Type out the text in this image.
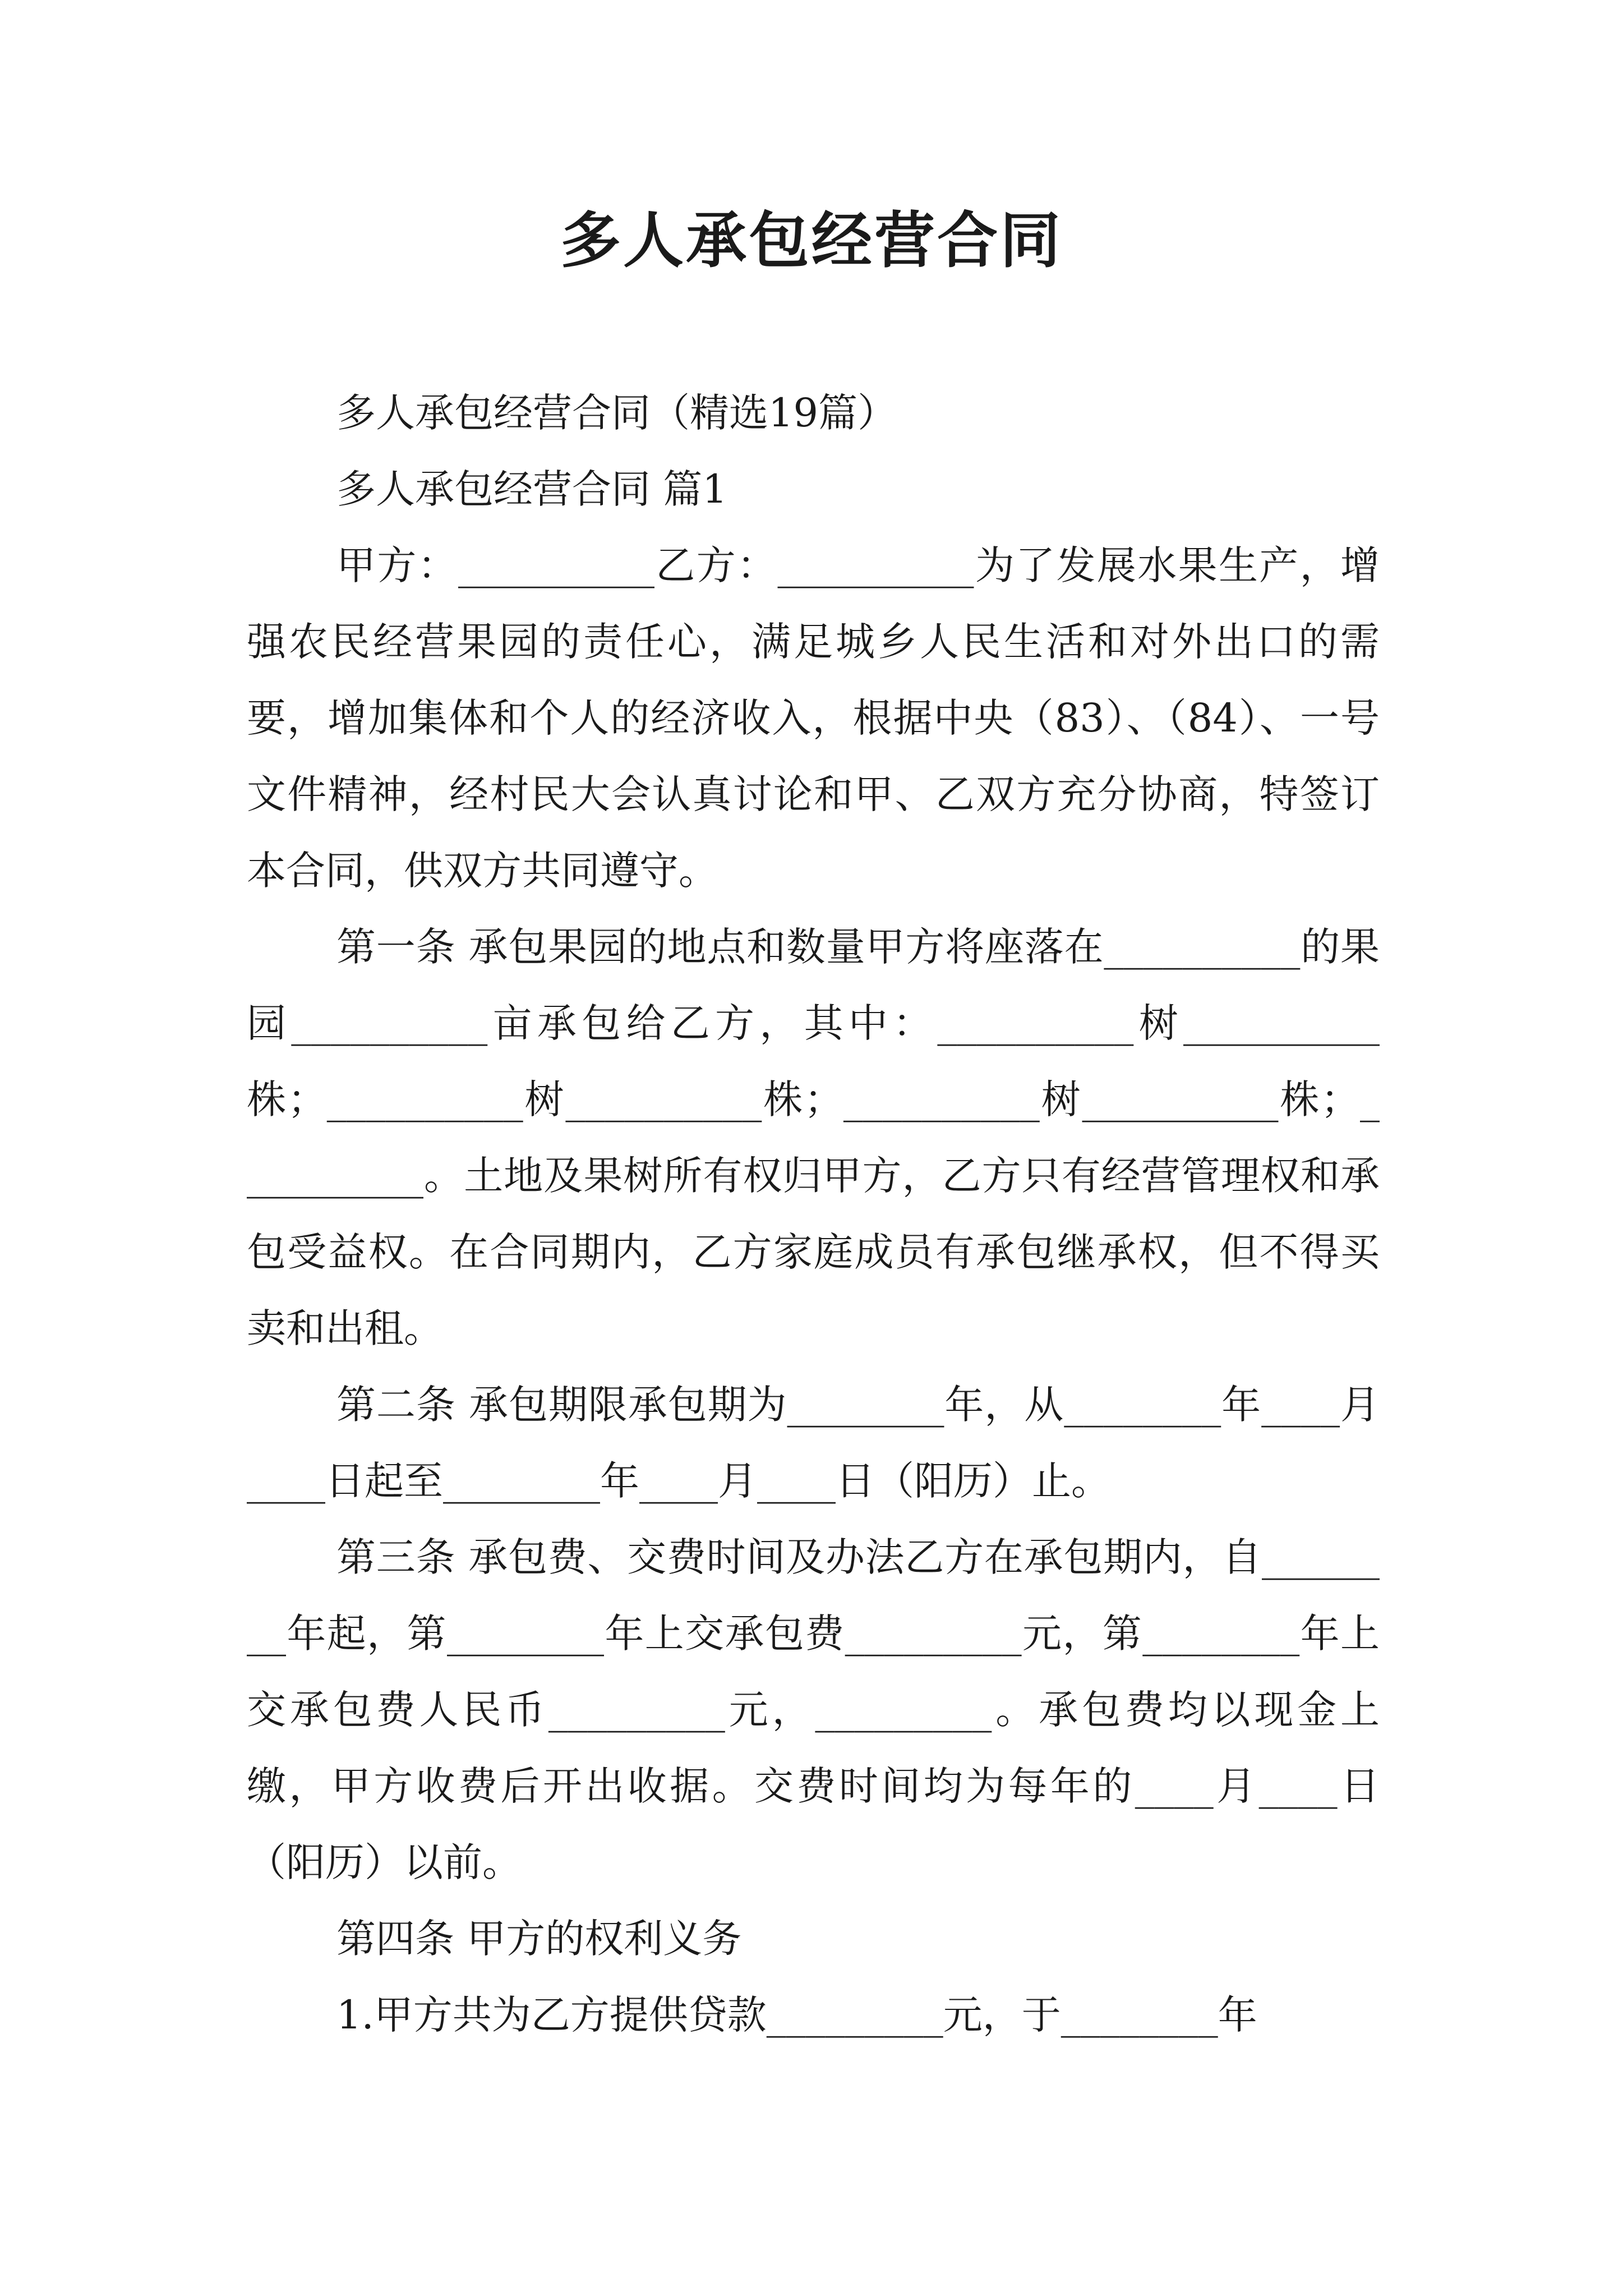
多人承包经营合同

多人承包经营合同（精选19篇）

多人承包经营合同 篇1

甲方：__________乙方：__________为了发展水果生产，增强农民经营果园的责任心，满足城乡人民生活和对外出口的需要，增加集体和个人的经济收入，根据中央（83）、（84）、一号文件精神，经村民大会认真讨论和甲、乙双方充分协商，特签订本合同，供双方共同遵守。

第一条 承包果园的地点和数量甲方将座落在__________的果园__________亩承包给乙方，其中：__________树__________株；__________树__________株；__________树__________株；__________。土地及果树所有权归甲方，乙方只有经营管理权和承包受益权。在合同期内，乙方家庭成员有承包继承权，但不得买卖和出租。

第二条 承包期限承包期为________年，从________年____月____日起至________年____月____日（阳历）止。

第三条 承包费、交费时间及办法乙方在承包期内，自________年起，第________年上交承包费_________元，第________年上交承包费人民币_________元，_________。承包费均以现金上缴，甲方收费后开出收据。交费时间均为每年的____月____日（阳历）以前。

第四条 甲方的权利义务

1.甲方共为乙方提供贷款_________元，于________年
